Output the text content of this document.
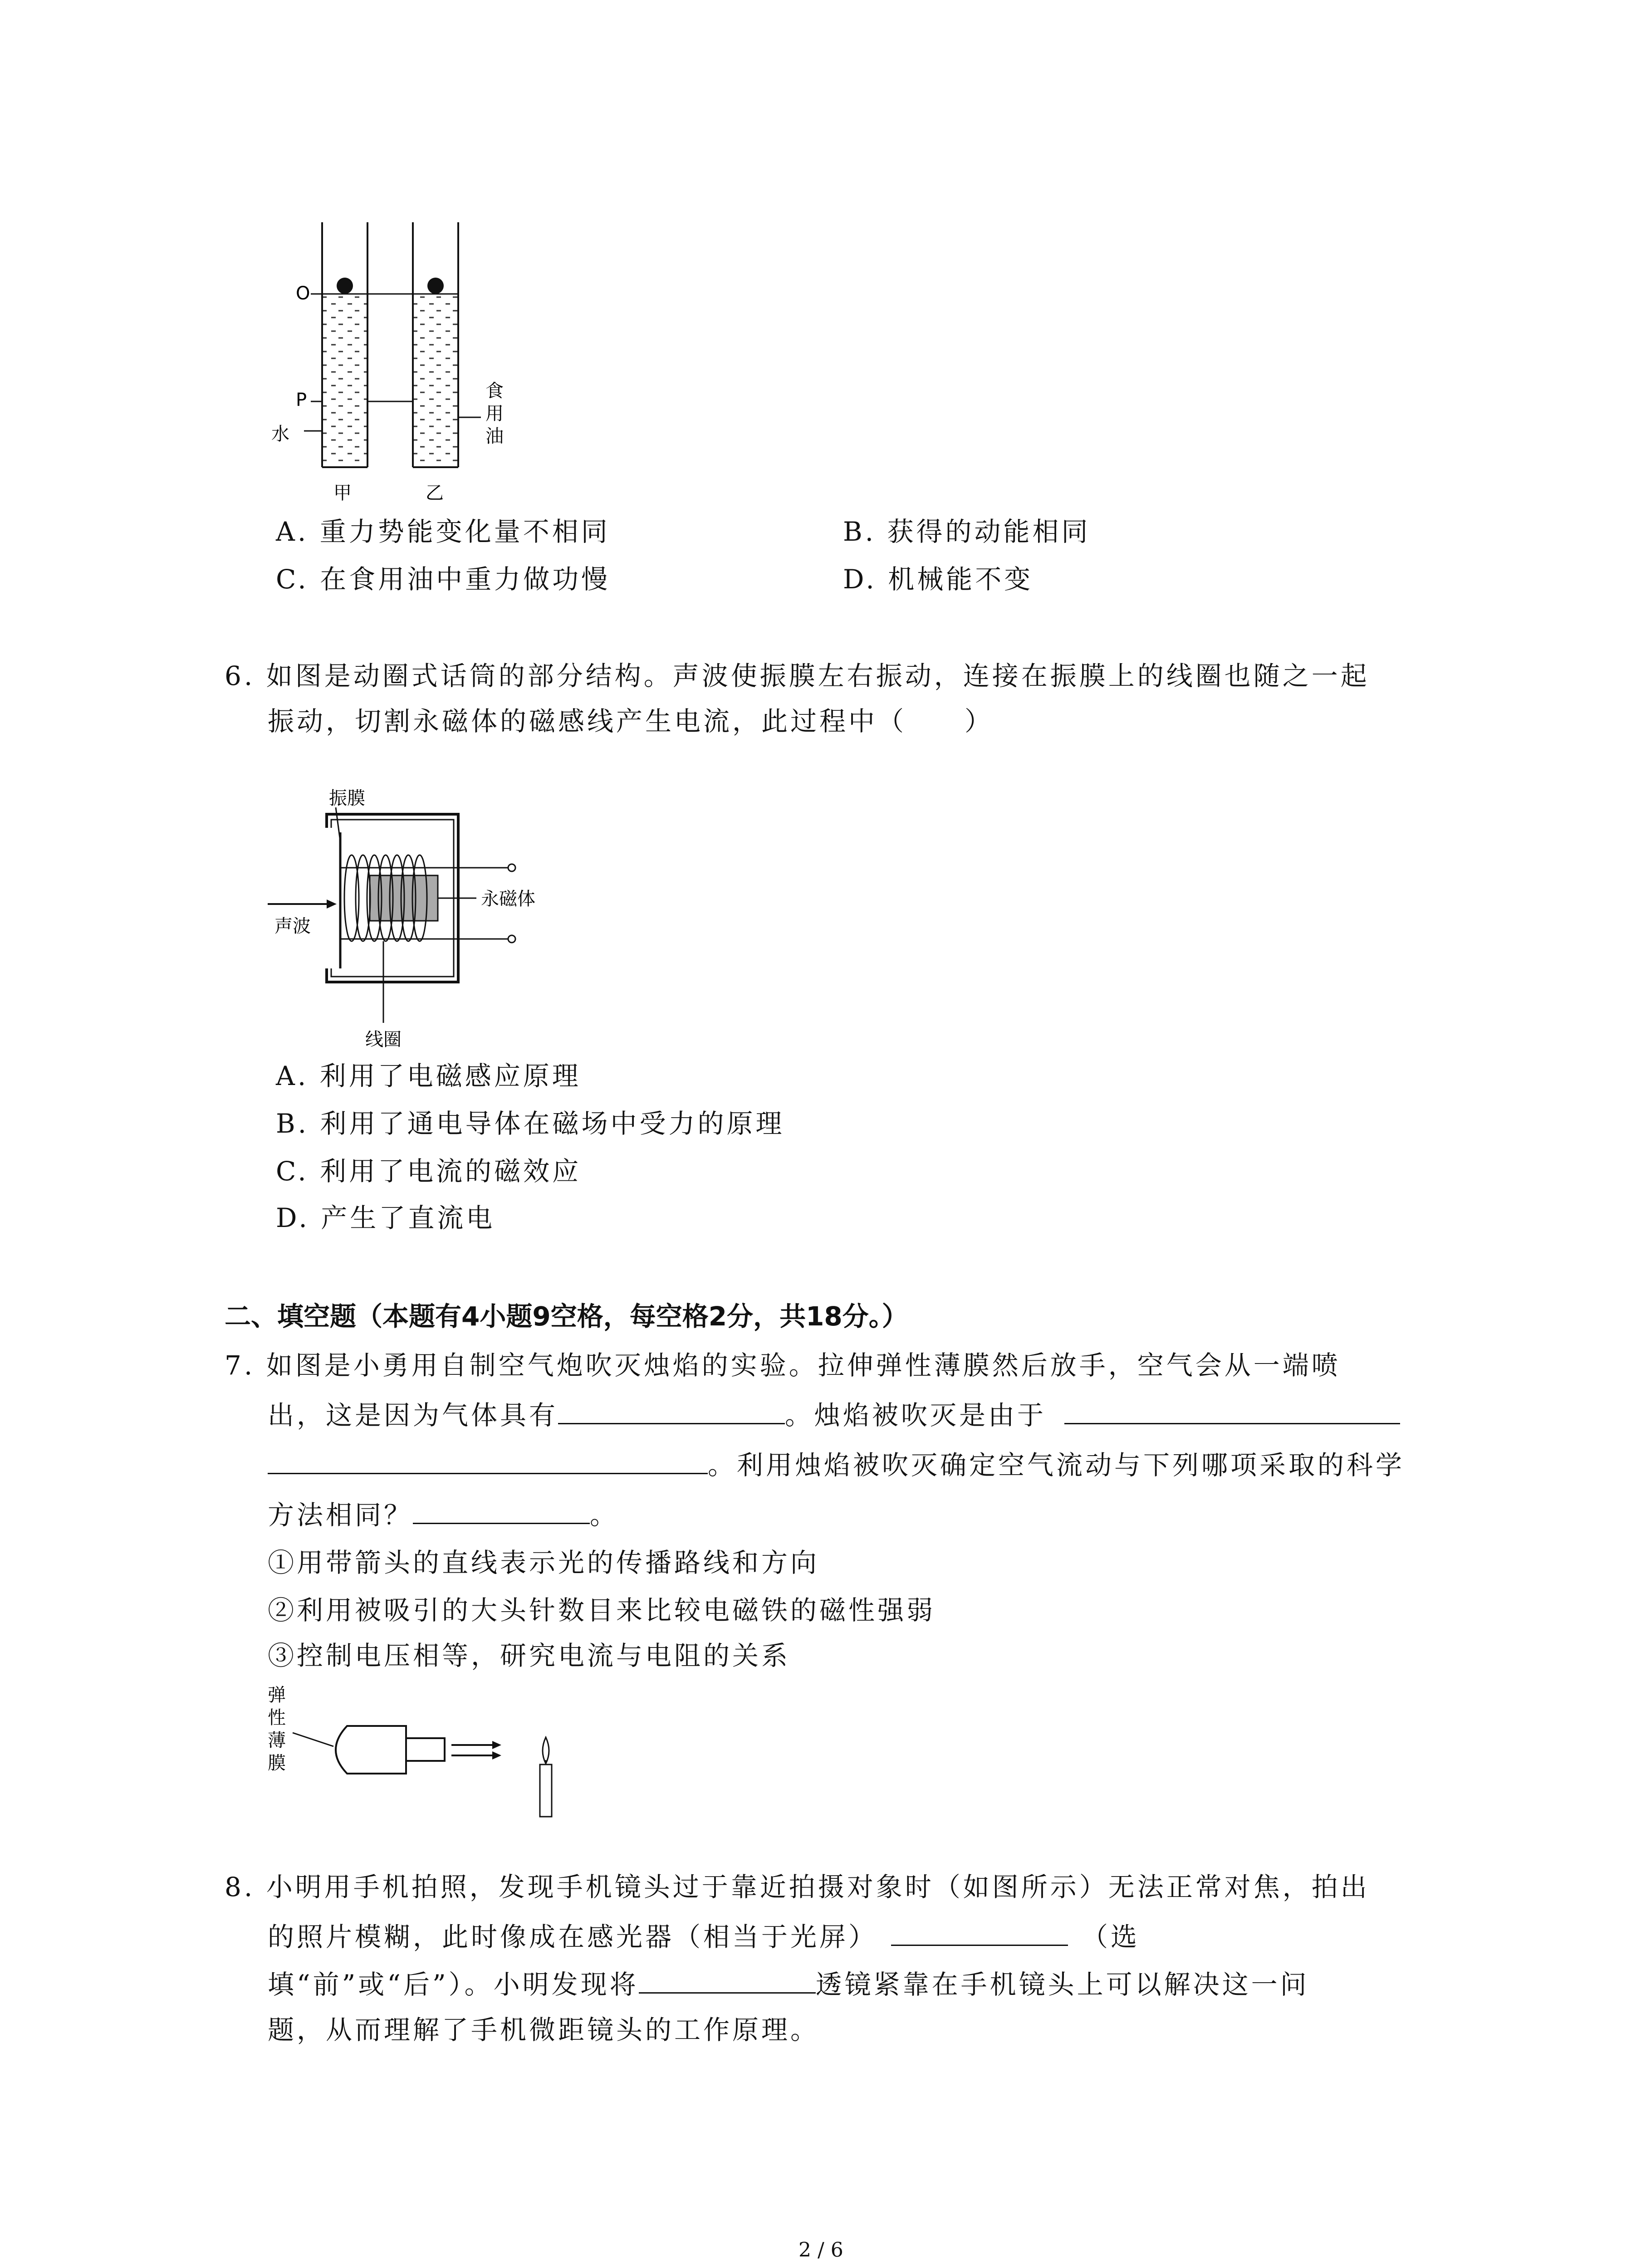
O
P
水
甲	乙
食
用
油
A. 重力势能变化量不相同	B. 获得的动能相同
C. 在食用油中重力做功慢	D. 机械能不变
6. 如图是动圈式话筒的部分结构。声波使振膜左右振动，连接在振膜上的线圈也随之一起
振动，切割永磁体的磁感线产生电流，此过程中（　　）
振膜
声波
永磁体
线圈
A. 利用了电磁感应原理
B. 利用了通电导体在磁场中受力的原理
C. 利用了电流的磁效应
D. 产生了直流电
二、填空题（本题有4小题9空格，每空格2分，共18分。）
7. 如图是小勇用自制空气炮吹灭烛焰的实验。拉伸弹性薄膜然后放手，空气会从一端喷
出，这是因为气体具有	。烛焰被吹灭是由于
。利用烛焰被吹灭确定空气流动与下列哪项采取的科学
方法相同？	。
①用带箭头的直线表示光的传播路线和方向
②利用被吸引的大头针数目来比较电磁铁的磁性强弱
③控制电压相等，研究电流与电阻的关系
弹
性
薄
膜
8. 小明用手机拍照，发现手机镜头过于靠近拍摄对象时（如图所示）无法正常对焦，拍出
的照片模糊，此时像成在感光器（相当于光屏）	（选
填“前”或“后”）。小明发现将	透镜紧靠在手机镜头上可以解决这一问
题，从而理解了手机微距镜头的工作原理。
2 / 6
